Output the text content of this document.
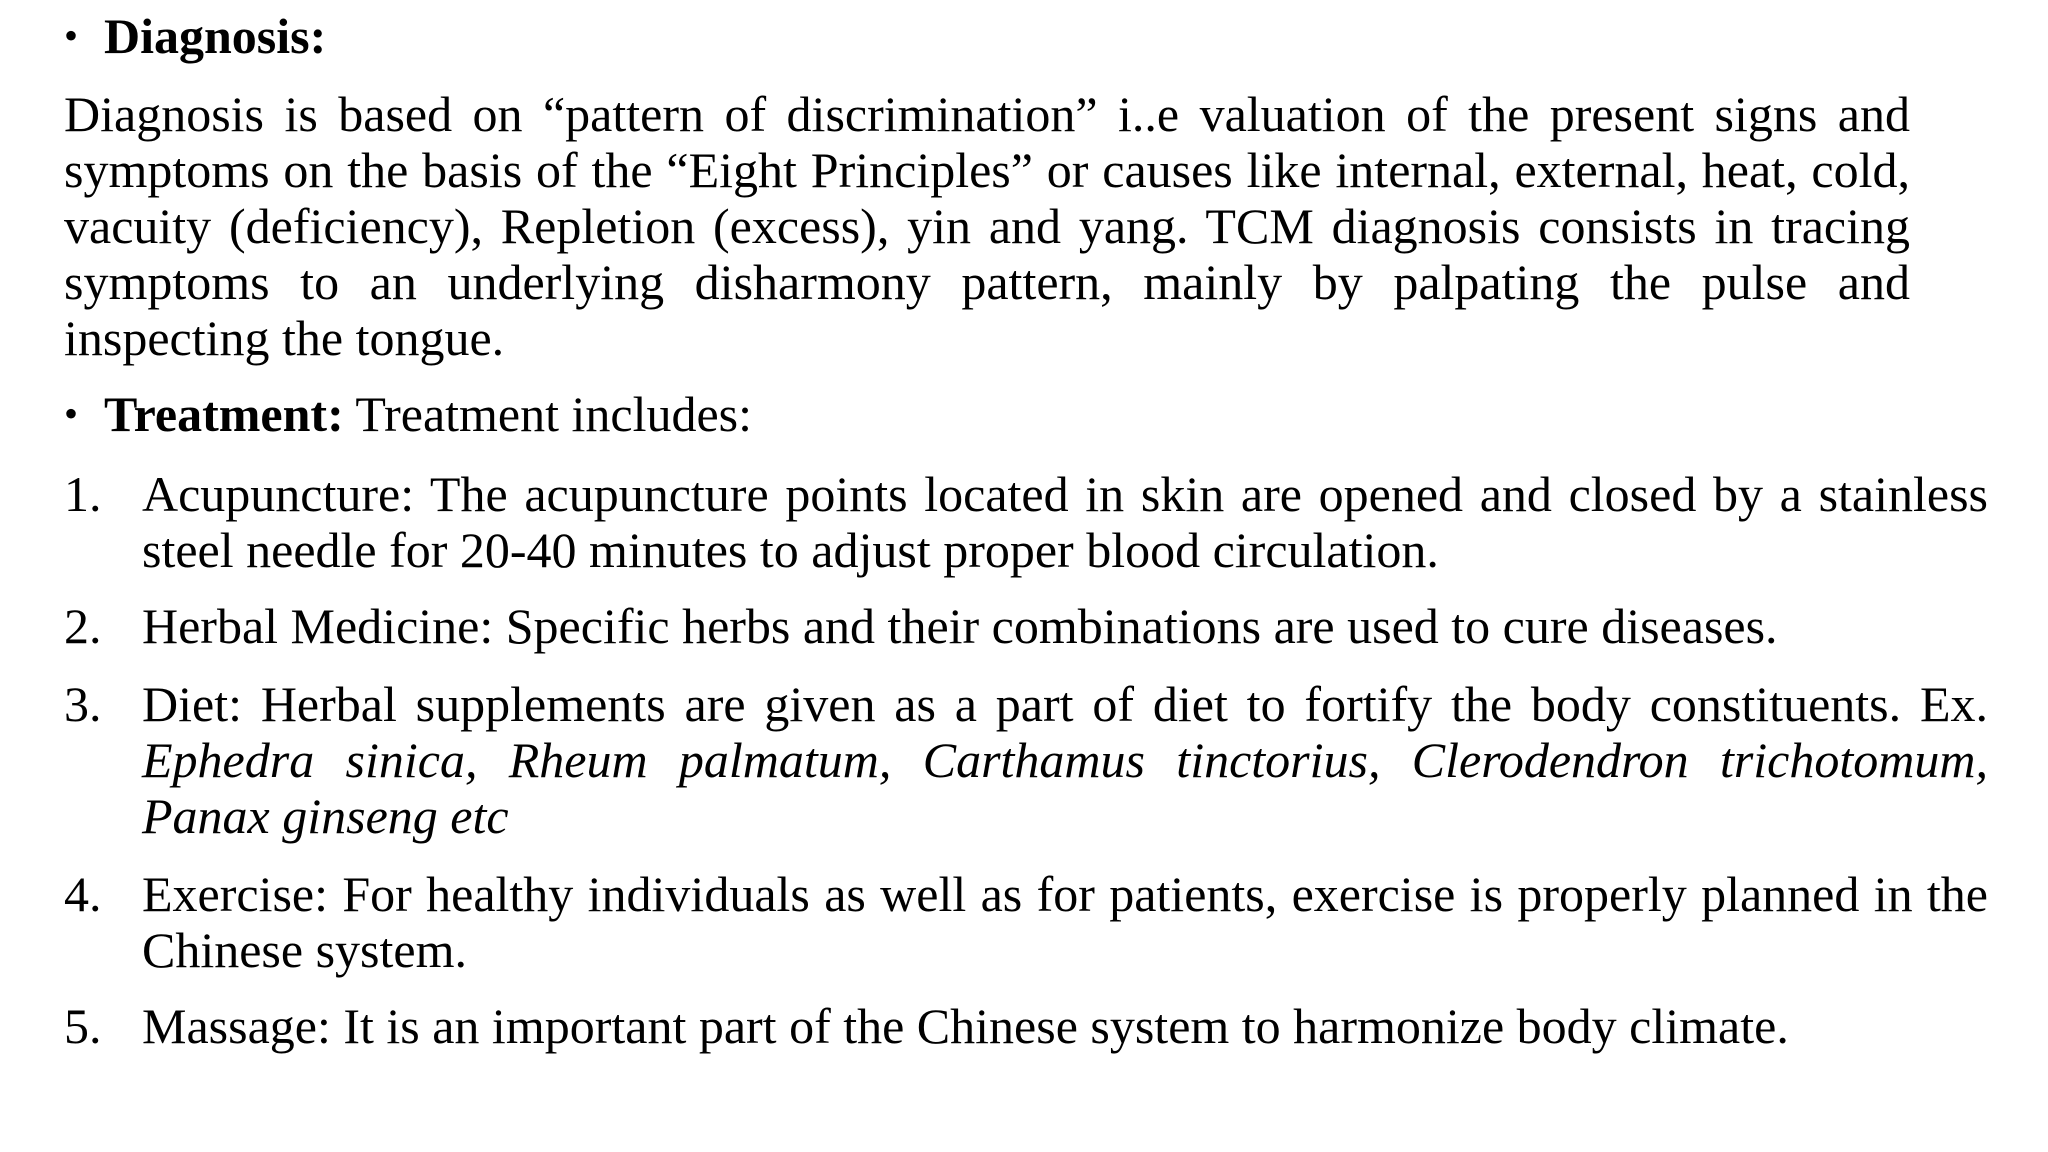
• Diagnosis:

Diagnosis is based on “pattern of discrimination” i..e valuation of the present signs and symptoms on the basis of the “Eight Principles” or causes like internal, external, heat, cold, vacuity (deficiency), Repletion (excess), yin and yang. TCM diagnosis consists in tracing symptoms to an underlying disharmony pattern, mainly by palpating the pulse and inspecting the tongue.

• Treatment: Treatment includes:
1. Acupuncture: The acupuncture points located in skin are opened and closed by a stainless steel needle for 20-40 minutes to adjust proper blood circulation.
2. Herbal Medicine: Specific herbs and their combinations are used to cure diseases.
3. Diet: Herbal supplements are given as a part of diet to fortify the body constituents. Ex. Ephedra sinica, Rheum palmatum, Carthamus tinctorius, Clerodendron trichotomum, Panax ginseng etc
4. Exercise: For healthy individuals as well as for patients, exercise is properly planned in the Chinese system.
5. Massage: It is an important part of the Chinese system to harmonize body climate.
